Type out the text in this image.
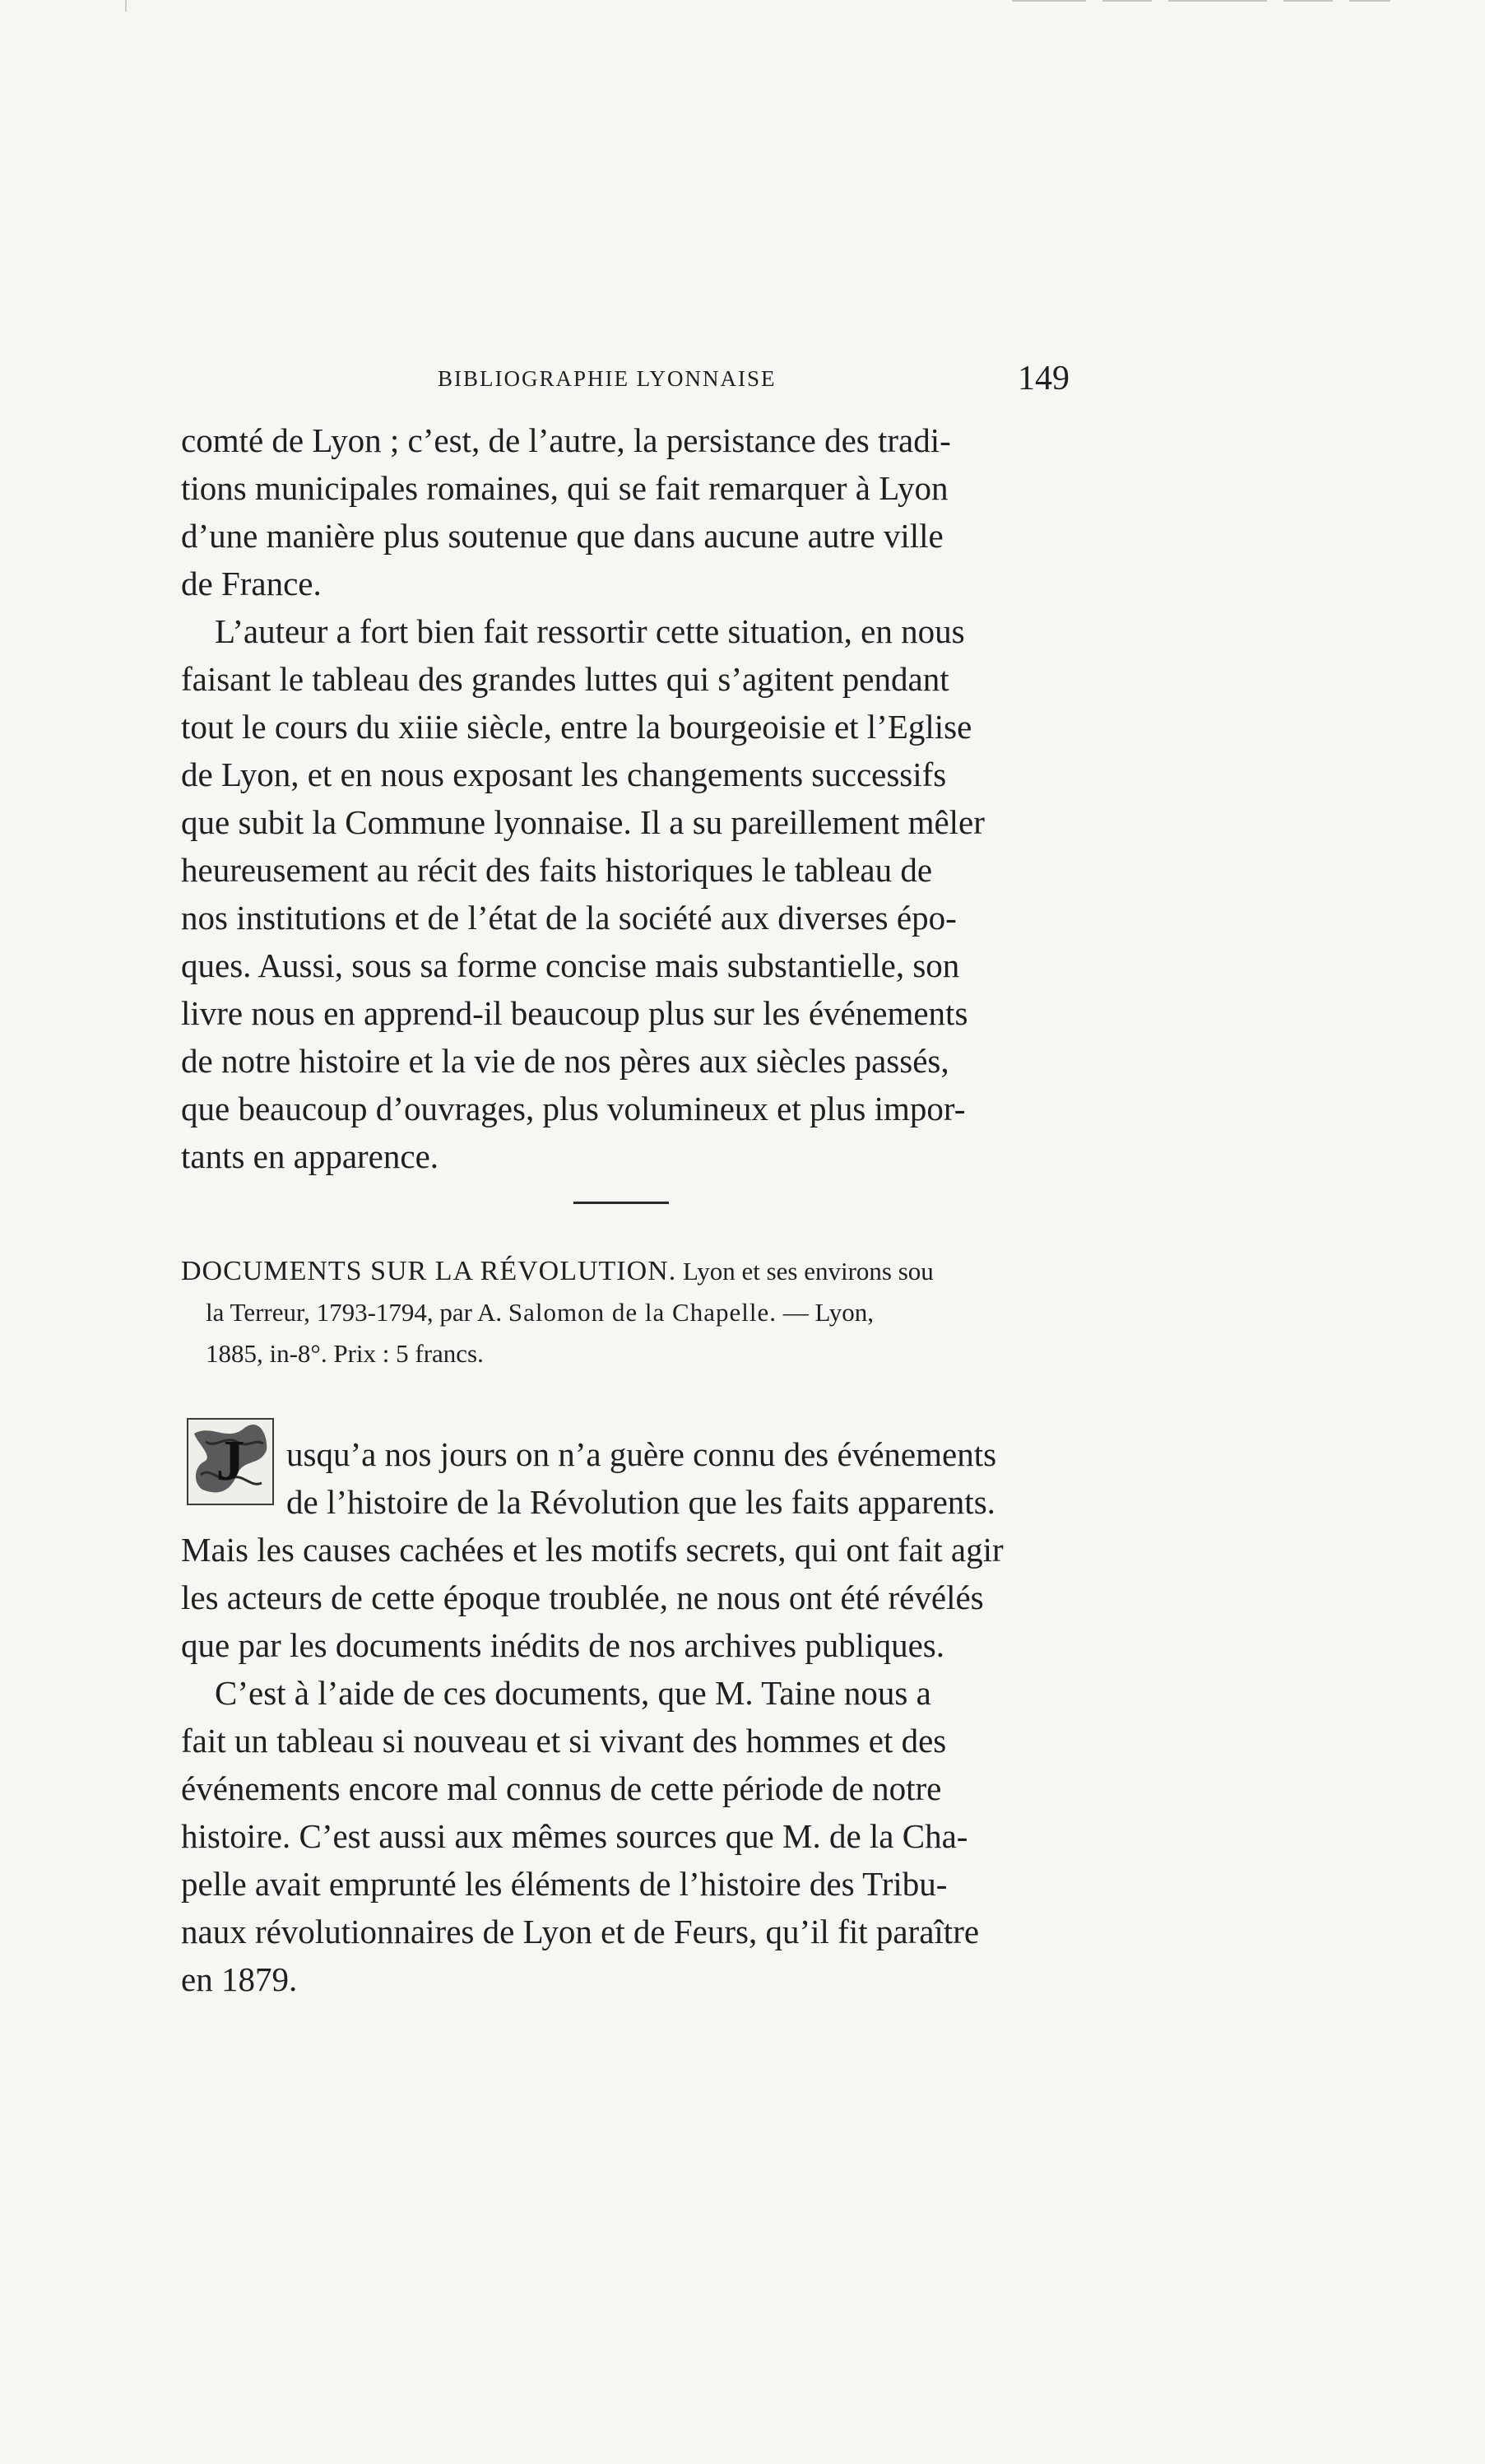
BIBLIOGRAPHIE LYONNAISE	149
comté de Lyon ; c’est, de l’autre, la persistance des tradi-
tions municipales romaines, qui se fait remarquer à Lyon
d’une manière plus soutenue que dans aucune autre ville
de France.
L’auteur a fort bien fait ressortir cette situation, en nous
faisant le tableau des grandes luttes qui s’agitent pendant
tout le cours du xiiie siècle, entre la bourgeoisie et l’Eglise
de Lyon, et en nous exposant les changements successifs
que subit la Commune lyonnaise. Il a su pareillement mêler
heureusement au récit des faits historiques le tableau de
nos institutions et de l’état de la société aux diverses épo-
ques. Aussi, sous sa forme concise mais substantielle, son
livre nous en apprend-il beaucoup plus sur les événements
de notre histoire et la vie de nos pères aux siècles passés,
que beaucoup d’ouvrages, plus volumineux et plus impor-
tants en apparence.
DOCUMENTS SUR LA RÉVOLUTION. Lyon et ses environs sou
la Terreur, 1793-1794, par A. Salomon de la Chapelle. — Lyon,
1885, in-8°. Prix : 5 francs.
J	usqu’a nos jours on n’a guère connu des événements
de l’histoire de la Révolution que les faits apparents.
Mais les causes cachées et les motifs secrets, qui ont fait agir
les acteurs de cette époque troublée, ne nous ont été révélés
que par les documents inédits de nos archives publiques.
C’est à l’aide de ces documents, que M. Taine nous a
fait un tableau si nouveau et si vivant des hommes et des
événements encore mal connus de cette période de notre
histoire. C’est aussi aux mêmes sources que M. de la Cha-
pelle avait emprunté les éléments de l’histoire des Tribu-
naux révolutionnaires de Lyon et de Feurs, qu’il fit paraître
en 1879.
